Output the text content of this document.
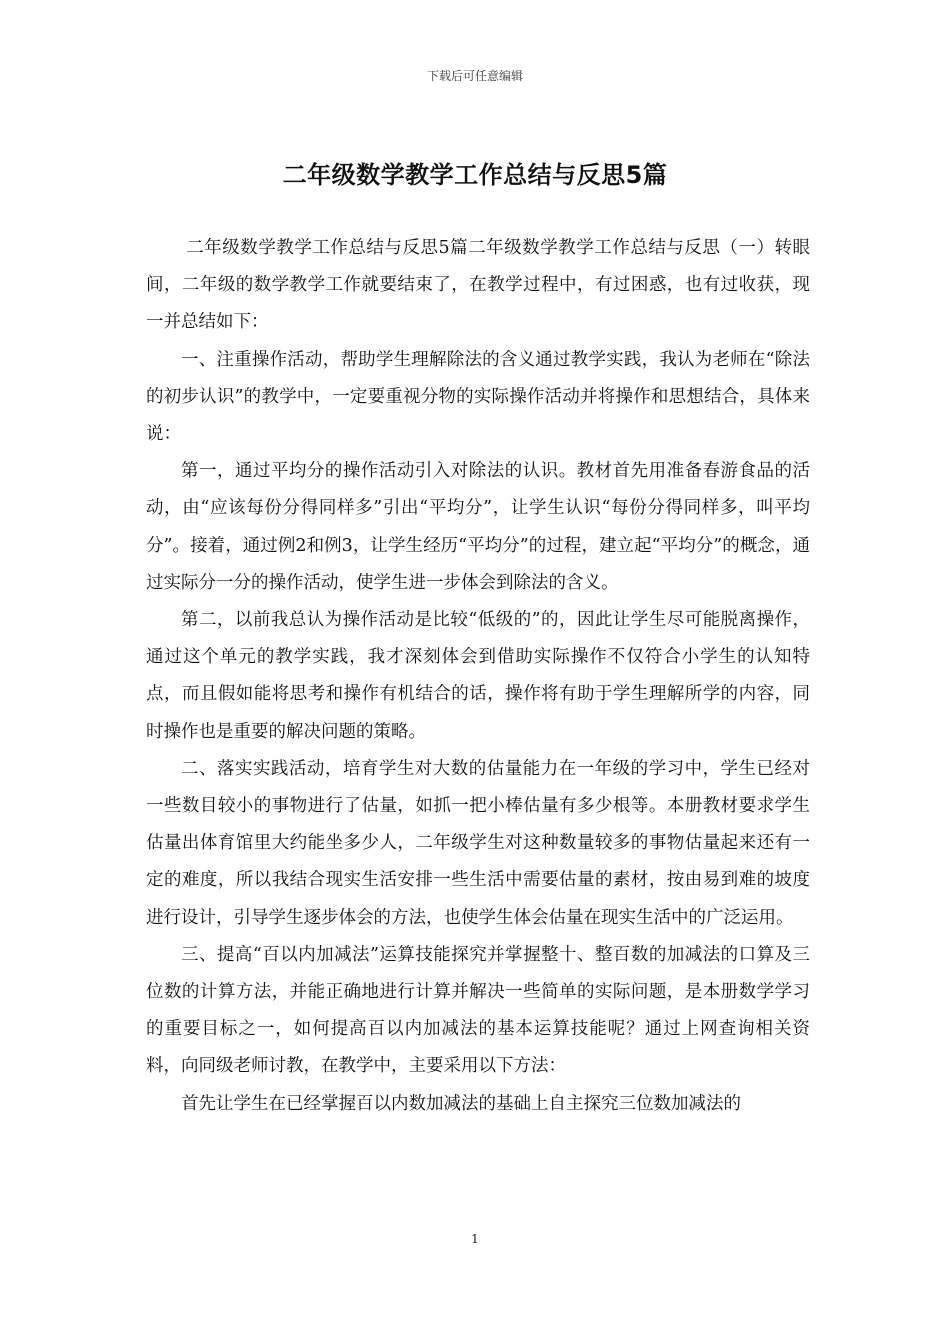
下载后可任意编辑
二年级数学教学工作总结与反思5篇

二年级数学教学工作总结与反思5篇二年级数学教学工作总结与反思（一）转眼间，二年级的数学教学工作就要结束了，在教学过程中，有过困惑，也有过收获，现一并总结如下：

一、注重操作活动，帮助学生理解除法的含义通过教学实践，我认为老师在“除法的初步认识”的教学中，一定要重视分物的实际操作活动并将操作和思想结合，具体来说：

第一，通过平均分的操作活动引入对除法的认识。教材首先用准备春游食品的活动，由“应该每份分得同样多”引出“平均分”，让学生认识“每份分得同样多，叫平均分”。接着，通过例2和例3，让学生经历“平均分”的过程，建立起“平均分”的概念，通过实际分一分的操作活动，使学生进一步体会到除法的含义。

第二，以前我总认为操作活动是比较“低级的”的，因此让学生尽可能脱离操作，通过这个单元的教学实践，我才深刻体会到借助实际操作不仅符合小学生的认知特点，而且假如能将思考和操作有机结合的话，操作将有助于学生理解所学的内容，同时操作也是重要的解决问题的策略。

二、落实实践活动，培育学生对大数的估量能力在一年级的学习中，学生已经对一些数目较小的事物进行了估量，如抓一把小棒估量有多少根等。本册教材要求学生估量出体育馆里大约能坐多少人，二年级学生对这种数量较多的事物估量起来还有一定的难度，所以我结合现实生活安排一些生活中需要估量的素材，按由易到难的坡度进行设计，引导学生逐步体会的方法，也使学生体会估量在现实生活中的广泛运用。

三、提高“百以内加减法”运算技能探究并掌握整十、整百数的加减法的口算及三位数的计算方法，并能正确地进行计算并解决一些简单的实际问题，是本册数学学习的重要目标之一，如何提高百以内加减法的基本运算技能呢？通过上网查询相关资料，向同级老师讨教，在教学中，主要采用以下方法：

首先让学生在已经掌握百以内数加减法的基础上自主探究三位数加减法的

1
